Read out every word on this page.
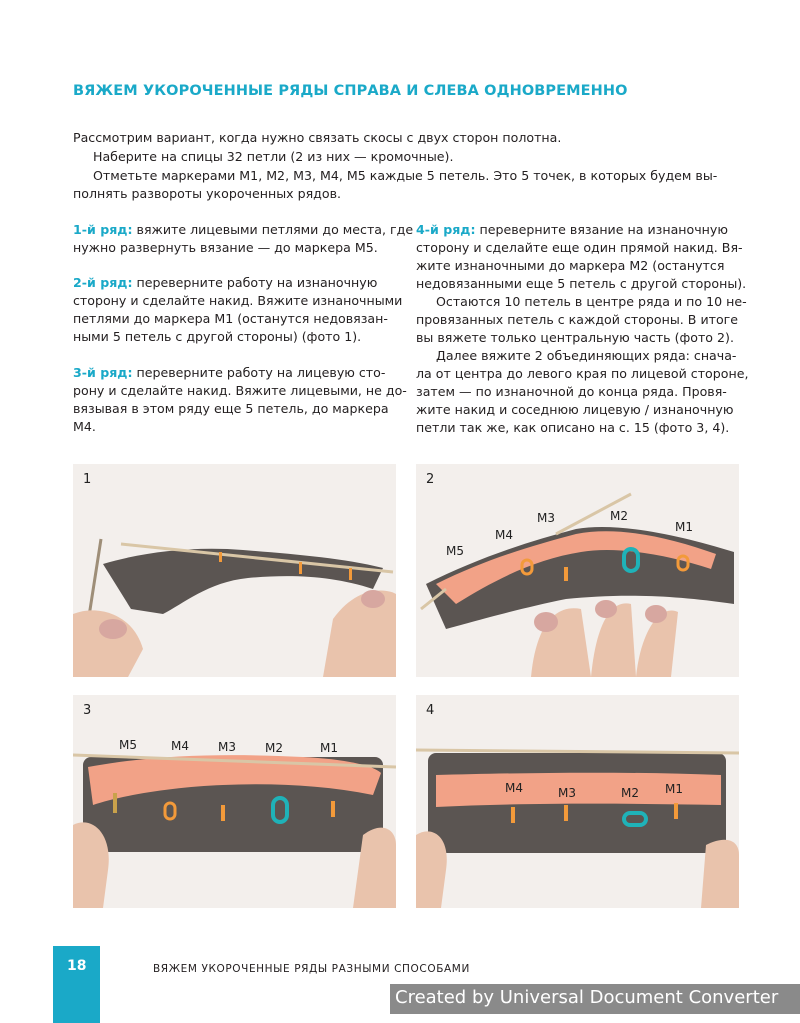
ВЯЖЕМ УКОРОЧЕННЫЕ РЯДЫ СПРАВА И СЛЕВА ОДНОВРЕМЕННО
Рассмотрим вариант, когда нужно связать скосы с двух сторон полотна.
Наберите на спицы 32 петли (2 из них — кромочные).
Отметьте маркерами М1, М2, М3, М4, М5 каждые 5 петель. Это 5 точек, в которых будем вы-
полнять развороты укороченных рядов.
1-й ряд: вяжите лицевыми петлями до места, где
нужно развернуть вязание — до маркера М5.
2-й ряд: переверните работу на изнаночную
сторону и сделайте накид. Вяжите изнаночными
петлями до маркера М1 (останутся недовязан-
ными 5 петель с другой стороны) (фото 1).
3-й ряд: переверните работу на лицевую сто-
рону и сделайте накид. Вяжите лицевыми, не до-
вязывая в этом ряду еще 5 петель, до маркера
М4.
4-й ряд: переверните вязание на изнаночную
сторону и сделайте еще один прямой накид. Вя-
жите изнаночными до маркера М2 (останутся
недовязанными еще 5 петель с другой стороны).
Остаются 10 петель в центре ряда и по 10 не-
провязанных петель с каждой стороны. В итоге
вы вяжете только центральную часть (фото 2).
Далее вяжите 2 объединяющих ряда: снача-
ла от центра до левого края по лицевой стороне,
затем — по изнаночной до конца ряда. Провя-
жите накид и соседнюю лицевую / изнаночную
петли так же, как описано на с. 15 (фото 3, 4).
1	2
М3	М2
М1
М4
М5
3
М5	М4 М3 М2	М1
4
М4	М3	М2 М1
18	ВЯЖЕМ УКОРОЧЕННЫЕ РЯДЫ РАЗНЫМИ СПОСОБАМИ
Created by Universal Document Converter
